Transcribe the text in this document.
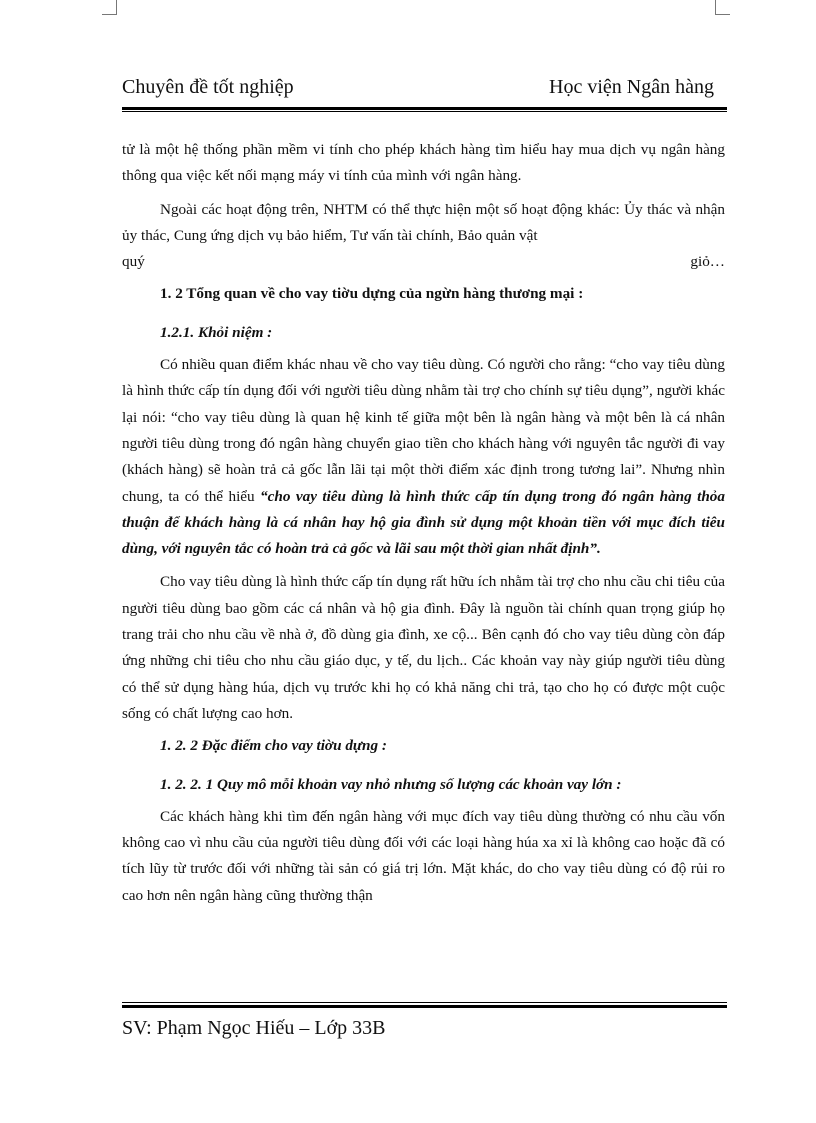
Chuyên đề tốt nghiệp	Học viện Ngân hàng

tử là một hệ thống phần mềm vi tính cho phép khách hàng tìm hiểu hay mua dịch vụ ngân hàng thông qua việc kết nối mạng máy vi tính của mình với ngân hàng.

Ngoài các hoạt động trên, NHTM có thể thực hiện một số hoạt động khác: Ủy thác và nhận ủy thác, Cung ứng dịch vụ bảo hiểm, Tư vấn tài chính, Bảo quản vật

quý	giỏ…
1. 2 Tổng quan về cho vay tiờu dựng của ngừn hàng thương mại :
1.2.1. Khỏi niệm :

Có nhiều quan điểm khác nhau về cho vay tiêu dùng. Có người cho rằng: “cho vay tiêu dùng là hình thức cấp tín dụng đối với người tiêu dùng nhằm tài trợ cho chính sự tiêu dụng”, người khác lại nói: “cho vay tiêu dùng là quan hệ kinh tế giữa một bên là ngân hàng và một bên là cá nhân người tiêu dùng trong đó ngân hàng chuyển giao tiền cho khách hàng với nguyên tắc người đi vay (khách hàng) sẽ hoàn trả cả gốc lẫn lãi tại một thời điểm xác định trong tương lai”. Nhưng nhìn chung, ta có thể hiểu “cho vay tiêu dùng là hình thức cấp tín dụng trong đó ngân hàng thỏa thuận để khách hàng là cá nhân hay hộ gia đình sử dụng một khoản tiền với mục đích tiêu dùng, với nguyên tắc có hoàn trả cả gốc và lãi sau một thời gian nhất định”.

Cho vay tiêu dùng là hình thức cấp tín dụng rất hữu ích nhằm tài trợ cho nhu cầu chi tiêu của người tiêu dùng bao gồm các cá nhân và hộ gia đình. Đây là nguồn tài chính quan trọng giúp họ trang trải cho nhu cầu về nhà ở, đồ dùng gia đình, xe cộ... Bên cạnh đó cho vay tiêu dùng còn đáp ứng những chi tiêu cho nhu cầu giáo dục, y tế, du lịch.. Các khoản vay này giúp người tiêu dùng có thể sử dụng hàng húa, dịch vụ trước khi họ có khả năng chi trả, tạo cho họ có được một cuộc sống có chất lượng cao hơn.

1. 2. 2 Đặc điểm cho vay tiờu dựng :
1. 2. 2. 1 Quy mô mỗi khoản vay nhỏ nhưng số lượng các khoản vay lớn :

Các khách hàng khi tìm đến ngân hàng với mục đích vay tiêu dùng thường có nhu cầu vốn không cao vì nhu cầu của người tiêu dùng đối với các loại hàng húa xa xỉ là không cao hoặc đã có tích lũy từ trước đối với những tài sản có giá trị lớn. Mặt khác, do cho vay tiêu dùng có độ rủi ro cao hơn nên ngân hàng cũng thường thận

SV: Phạm Ngọc Hiếu – Lớp 33B
